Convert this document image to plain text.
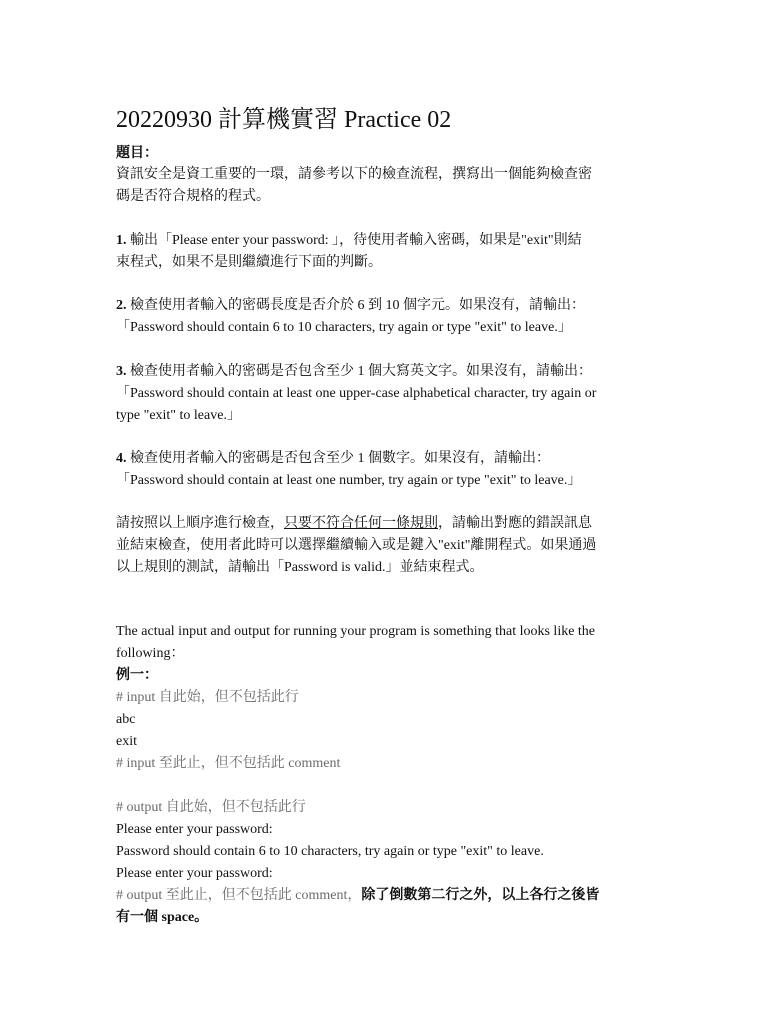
20220930 計算機實習 Practice 02
題目：
資訊安全是資工重要的一環，請參考以下的檢查流程，撰寫出一個能夠檢查密
碼是否符合規格的程式。
1. 輸出「Please enter your password: 」，待使用者輸入密碼，如果是"exit"則結
束程式，如果不是則繼續進行下面的判斷。
2. 檢查使用者輸入的密碼長度是否介於 6 到 10 個字元。如果沒有，請輸出：
「Password should contain 6 to 10 characters, try again or type "exit" to leave.」
3. 檢查使用者輸入的密碼是否包含至少 1 個大寫英文字。如果沒有，請輸出：
「Password should contain at least one upper-case alphabetical character, try again or
type "exit" to leave.」
4. 檢查使用者輸入的密碼是否包含至少 1 個數字。如果沒有，請輸出：
「Password should contain at least one number, try again or type "exit" to leave.」
請按照以上順序進行檢查，只要不符合任何一條規則，請輸出對應的錯誤訊息
並結束檢查，使用者此時可以選擇繼續輸入或是鍵入"exit"離開程式。如果通過
以上規則的測試，請輸出「Password is valid.」並結束程式。
The actual input and output for running your program is something that looks like the
following：
例一：
# input 自此始，但不包括此行
abc
exit
# input 至此止，但不包括此 comment
# output 自此始，但不包括此行
Please enter your password:
Password should contain 6 to 10 characters, try again or type "exit" to leave.
Please enter your password:
# output 至此止，但不包括此 comment，除了倒數第二行之外，以上各行之後皆
有一個 space。
